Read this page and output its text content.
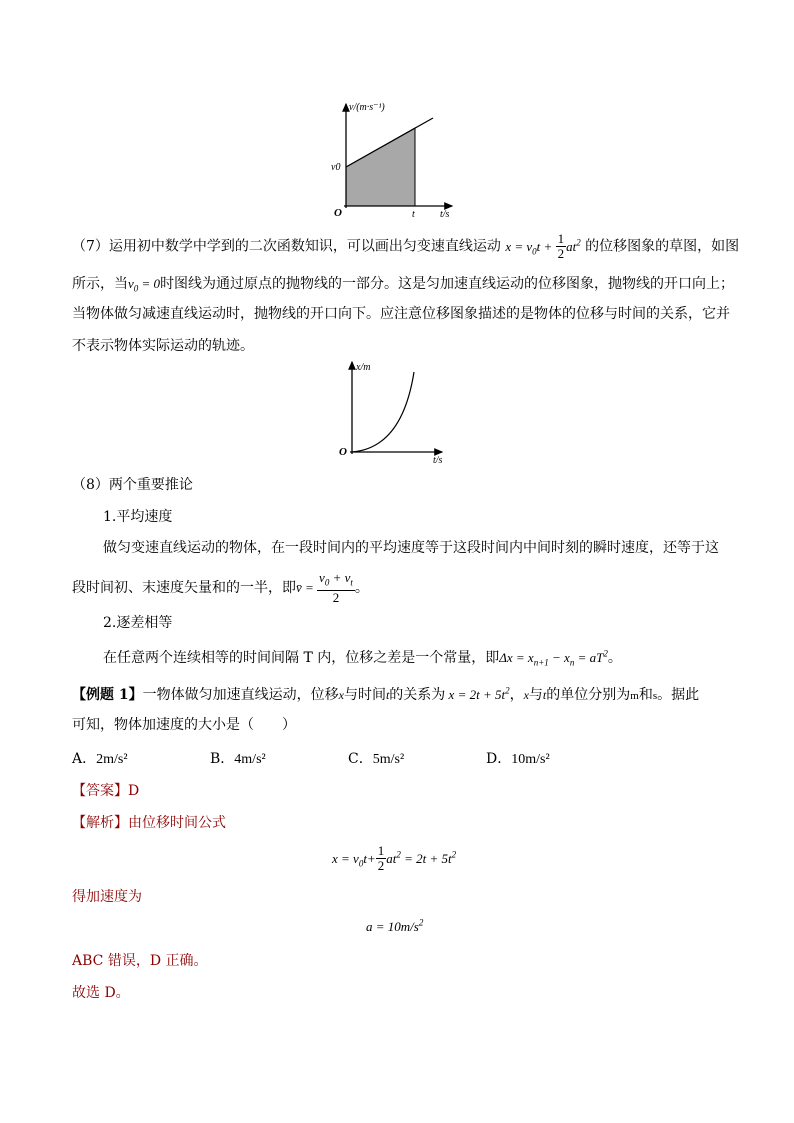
v/(m·s⁻¹)
v0
O	t	t/s
（7）运用初中数学中学到的二次函数知识，可以画出匀变速直线运动 $x = v_0t + \frac{1}{2} at^2$ 的位移图象的草图，如图
所示，当$v_0 = 0$时图线为通过原点的抛物线的一部分。这是匀加速直线运动的位移图象，抛物线的开口向上；
当物体做匀减速直线运动时，抛物线的开口向下。应注意位移图象描述的是物体的位移与时间的关系，它并
不表示物体实际运动的轨迹。
x/m
O
t/s
（8）两个重要推论
1.平均速度
做匀变速直线运动的物体，在一段时间内的平均速度等于这段时间内中间时刻的瞬时速度，还等于这
段时间初、末速度矢量和的一半，即v̄ = $\frac{v_0 + v_t}{2}$ 。
2.逐差相等
在任意两个连续相等的时间间隔 T 内，位移之差是一个常量，即$\Delta x = x_{n+1} - x_n = aT^2$。
【例题 1】一物体做匀加速直线运动，位移x与时间t的关系为 $x = 2t + 5t^2$，x与t的单位分别为m和s。据此
可知，物体加速度的大小是（　　）
A．2m/s²	B．4m/s²	C．5m/s²	D．10m/s²
【答案】D
【解析】由位移时间公式
$x = v_0t+ \frac{1}{2} at^2 = 2t + 5t^2$
得加速度为
$a = 10m/s^2$
ABC 错误，D 正确。
故选 D。
